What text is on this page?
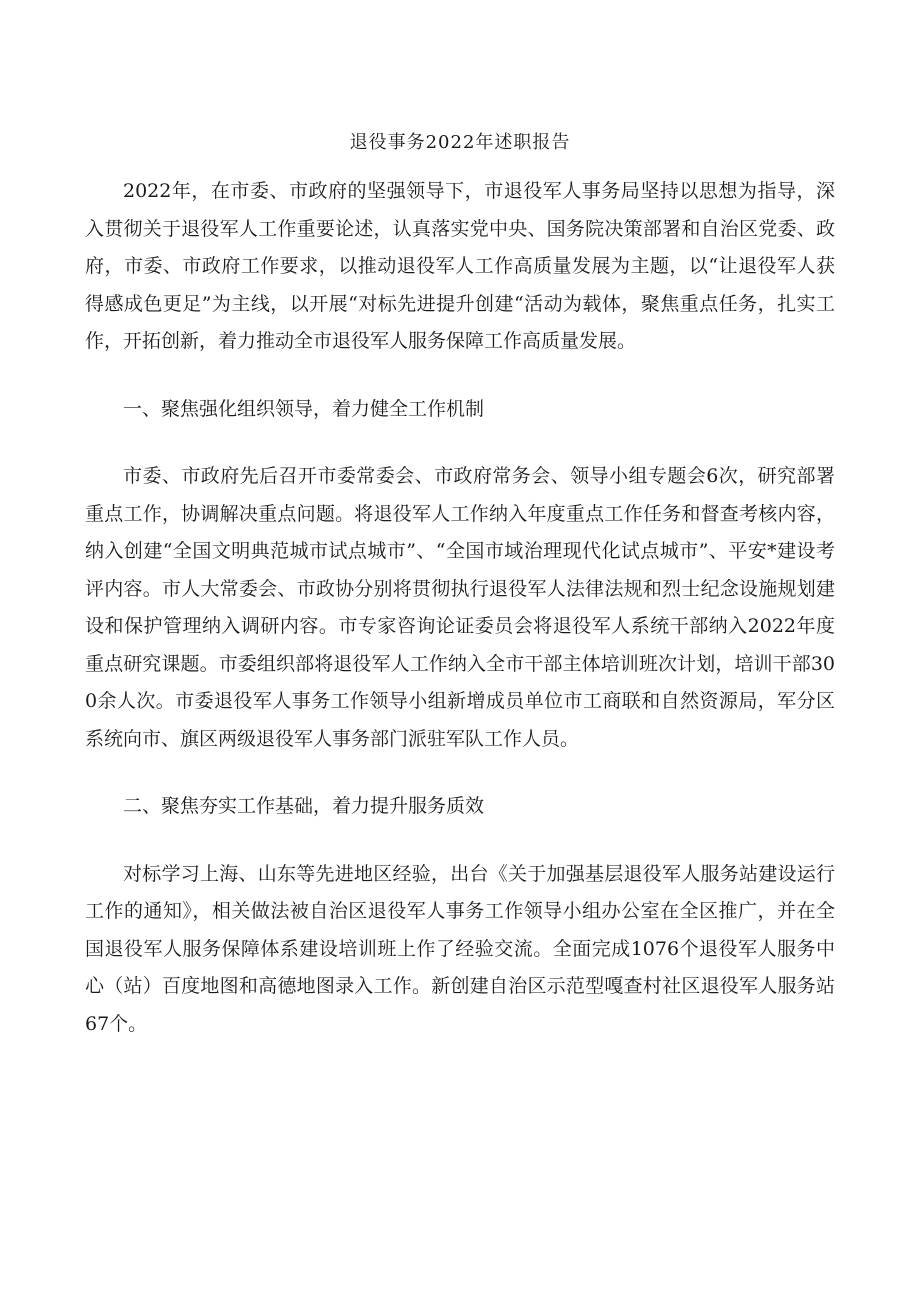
退役事务2022年述职报告

2022年，在市委、市政府的坚强领导下，市退役军人事务局坚持以思想为指导，深入贯彻关于退役军人工作重要论述，认真落实党中央、国务院决策部署和自治区党委、政府，市委、市政府工作要求，以推动退役军人工作高质量发展为主题，以“让退役军人获得感成色更足”为主线，以开展“对标先进提升创建“活动为载体，聚焦重点任务，扎实工作，开拓创新，着力推动全市退役军人服务保障工作高质量发展。

一、聚焦强化组织领导，着力健全工作机制

市委、市政府先后召开市委常委会、市政府常务会、领导小组专题会6次，研究部署重点工作，协调解决重点问题。将退役军人工作纳入年度重点工作任务和督查考核内容，纳入创建“全国文明典范城市试点城市”、“全国市域治理现代化试点城市”、平安*建设考评内容。市人大常委会、市政协分别将贯彻执行退役军人法律法规和烈士纪念设施规划建设和保护管理纳入调研内容。市专家咨询论证委员会将退役军人系统干部纳入2022年度重点研究课题。市委组织部将退役军人工作纳入全市干部主体培训班次计划，培训干部300余人次。市委退役军人事务工作领导小组新增成员单位市工商联和自然资源局，军分区系统向市、旗区两级退役军人事务部门派驻军队工作人员。

二、聚焦夯实工作基础，着力提升服务质效

对标学习上海、山东等先进地区经验，出台《关于加强基层退役军人服务站建设运行工作的通知》，相关做法被自治区退役军人事务工作领导小组办公室在全区推广，并在全国退役军人服务保障体系建设培训班上作了经验交流。全面完成1076个退役军人服务中心（站）百度地图和高德地图录入工作。新创建自治区示范型嘎查村社区退役军人服务站67个。
